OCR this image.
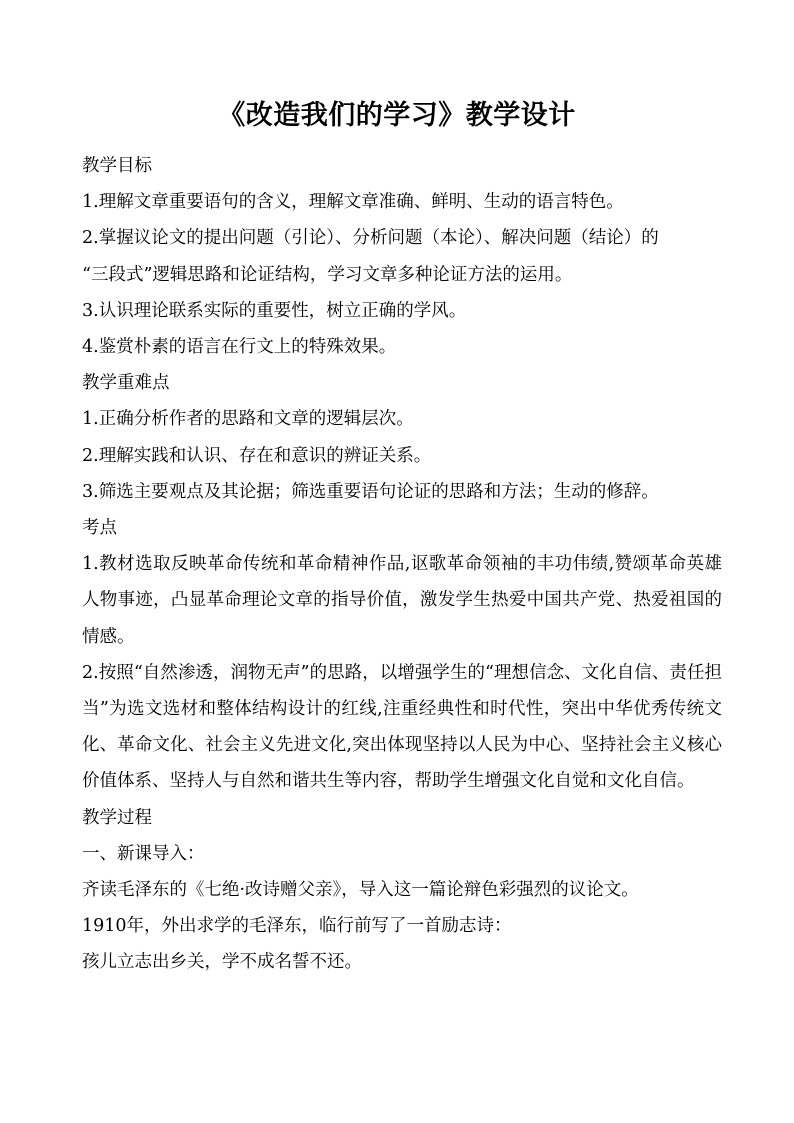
《改造我们的学习》教学设计

教学目标

1.理解文章重要语句的含义，理解文章准确、鲜明、生动的语言特色。

2.掌握议论文的提出问题（引论）、分析问题（本论）、解决问题（结论）的

“三段式”逻辑思路和论证结构，学习文章多种论证方法的运用。

3.认识理论联系实际的重要性，树立正确的学风。

4.鉴赏朴素的语言在行文上的特殊效果。

教学重难点

1.正确分析作者的思路和文章的逻辑层次。

2.理解实践和认识、存在和意识的辨证关系。

3.筛选主要观点及其论据；筛选重要语句论证的思路和方法；生动的修辞。

考点

1.教材选取反映革命传统和革命精神作品,讴歌革命领袖的丰功伟绩,赞颂革命英雄人物事迹，凸显革命理论文章的指导价值，激发学生热爱中国共产党、热爱祖国的情感。

2.按照“自然渗透，润物无声”的思路，以增强学生的“理想信念、文化自信、责任担当”为选文选材和整体结构设计的红线,注重经典性和时代性，突出中华优秀传统文化、革命文化、社会主义先进文化,突出体现坚持以人民为中心、坚持社会主义核心价值体系、坚持人与自然和谐共生等内容，帮助学生增强文化自觉和文化自信。

教学过程

一、新课导入：

齐读毛泽东的《七绝·改诗赠父亲》，导入这一篇论辩色彩强烈的议论文。

1910年，外出求学的毛泽东，临行前写了一首励志诗：

孩儿立志出乡关，学不成名誓不还。
